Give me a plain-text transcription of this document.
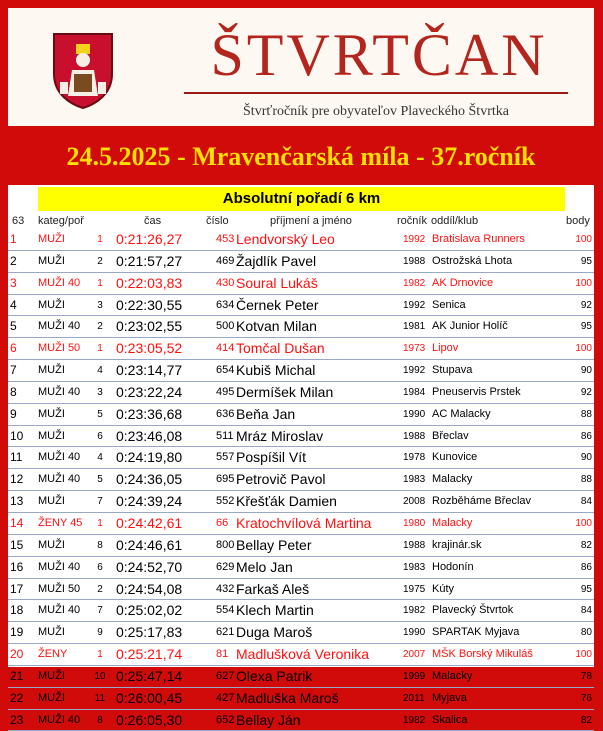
ŠTVRTČAN
Štvrťročník pre obyvateľov Plaveckého Štvrtka
24.5.2025 - Mravenčarská míla - 37.ročník
Absolutní pořadí 6 km
63 kateg/poř	čas	číslo	příjmení a jméno	ročník oddíl/klub	body
1	MUŽI	1 0:21:26,27	453 Lendvorský Leo	1992 Bratislava Runners	100
2	MUŽI	2 0:21:57,27	469 Žajdlík Pavel	1988 Ostrožská Lhota	95
3	MUŽI 40	1 0:22:03,83	430 Soural Lukáš	1982 AK Drnovice	100
4	MUŽI	3 0:22:30,55	634 Černek Peter	1992 Senica	92
5	MUŽI 40	2 0:23:02,55	500 Kotvan Milan	1981 AK Junior Holíč	95
6	MUŽI 50	1 0:23:05,52	414 Tomčal Dušan	1973 Lipov	100
7	MUŽI	4 0:23:14,77	654 Kubiš Michal	1992 Stupava	90
8	MUŽI 40	3 0:23:22,24	495 Dermíšek Milan	1984 Pneuservis Prstek	92
9	MUŽI	5 0:23:36,68	636 Beňa Jan	1990 AC Malacky	88
10	MUŽI	6 0:23:46,08	511 Mráz Miroslav	1988 Břeclav	86
11	MUŽI 40	4 0:24:19,80	557 Pospíšil Vít	1978 Kunovice	90
12	MUŽI 40	5 0:24:36,05	695 Petrovič Pavol	1983 Malacky	88
13	MUŽI	7 0:24:39,24	552 Křešťák Damien	2008 Rozběháme Břeclav	84
14	ŽENY 45	1 0:24:42,61	66 Kratochvílová Martina	1980 Malacky	100
15	MUŽI	8 0:24:46,61	800 Bellay Peter	1988 krajinár.sk	82
16	MUŽI 40	6 0:24:52,70	629 Melo Jan	1983 Hodonín	86
17	MUŽI 50	2 0:24:54,08	432 Farkaš Aleš	1975 Kúty	95
18	MUŽI 40	7 0:25:02,02	554 Klech Martin	1982 Plavecký Štvrtok	84
19	MUŽI	9 0:25:17,83	621 Duga Maroš	1990 SPARTAK Myjava	80
20	ŽENY	1 0:25:21,74	81 Madlušková Veronika	2007 MŠK Borský Mikuláš	100
21	MUŽI	10 0:25:47,14	627 Olexa Patrik	1999 Malacky	78
22	MUŽI	11 0:26:00,45	427 Madluška Maroš	2011 Myjava	76
23	MUŽI 40	8 0:26:05,30	652 Bellay Ján	1982 Skalica	82
